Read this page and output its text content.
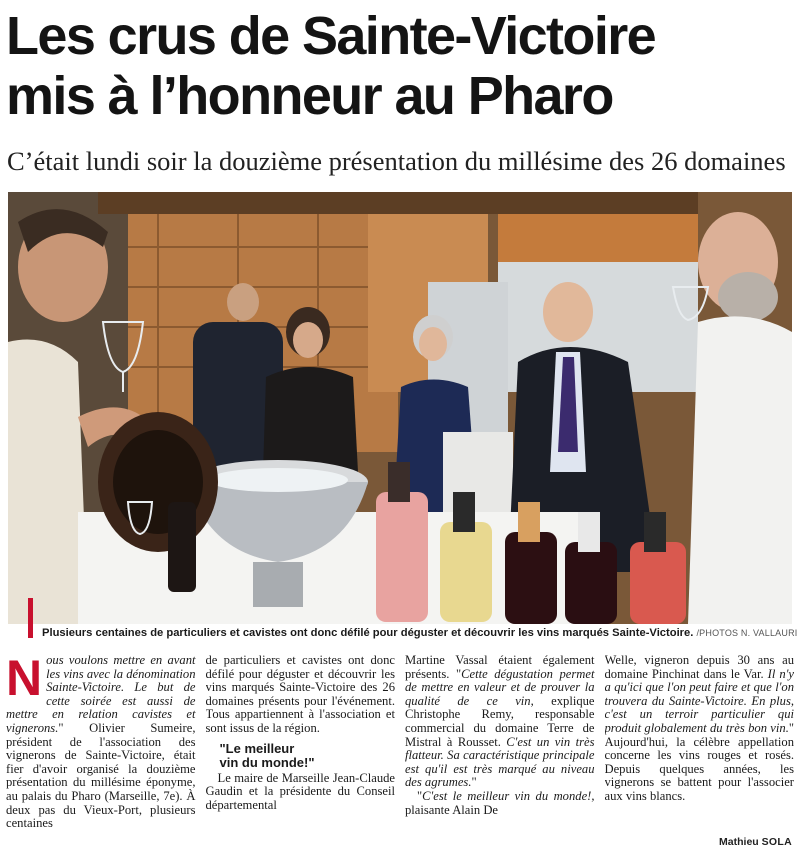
Les crus de Sainte-Victoire
mis à l’honneur au Pharo
C’était lundi soir la douzième présentation du millésime des 26 domaines
Plusieurs centaines de particuliers et cavistes ont donc défilé pour déguster et découvrir les vins marqués Sainte-Victoire. /PHOTOS N. VALLAURI

Nous voulons mettre en avant les vins avec la dénomination Sainte-Victoire. Le but de cette soirée est aussi de mettre en relation cavistes et vignerons." Olivier Sumeire, président de l'association des vignerons de Sainte-Victoire, était fier d'avoir organisé la douzième présentation du millésime éponyme, au palais du Pharo (Marseille, 7e). À deux pas du Vieux-Port, plusieurs centaines

de particuliers et cavistes ont donc défilé pour déguster et découvrir les vins marqués Sainte-Victoire des 26 domaines présents pour l'événement. Tous appartiennent à l'association et sont issus de la région.

"Le meilleur
vin du monde!"

Le maire de Marseille Jean-Claude Gaudin et la présidente du Conseil départemental

Martine Vassal étaient également présents. "Cette dégustation permet de mettre en valeur et de prouver la qualité de ce vin, explique Christophe Remy, responsable commercial du domaine Terre de Mistral à Rousset. C'est un vin très flatteur. Sa caractéristique principale est qu'il est très marqué au niveau des agrumes."

"C'est le meilleur vin du monde!, plaisante Alain De

Welle, vigneron depuis 30 ans au domaine Pinchinat dans le Var. Il n'y a qu'ici que l'on peut faire et que l'on trouvera du Sainte-Victoire. En plus, c'est un terroir particulier qui produit globalement du très bon vin." Aujourd'hui, la célèbre appellation concerne les vins rouges et rosés. Depuis quelques années, les vignerons se battent pour l'associer aux vins blancs.

Mathieu SOLA
